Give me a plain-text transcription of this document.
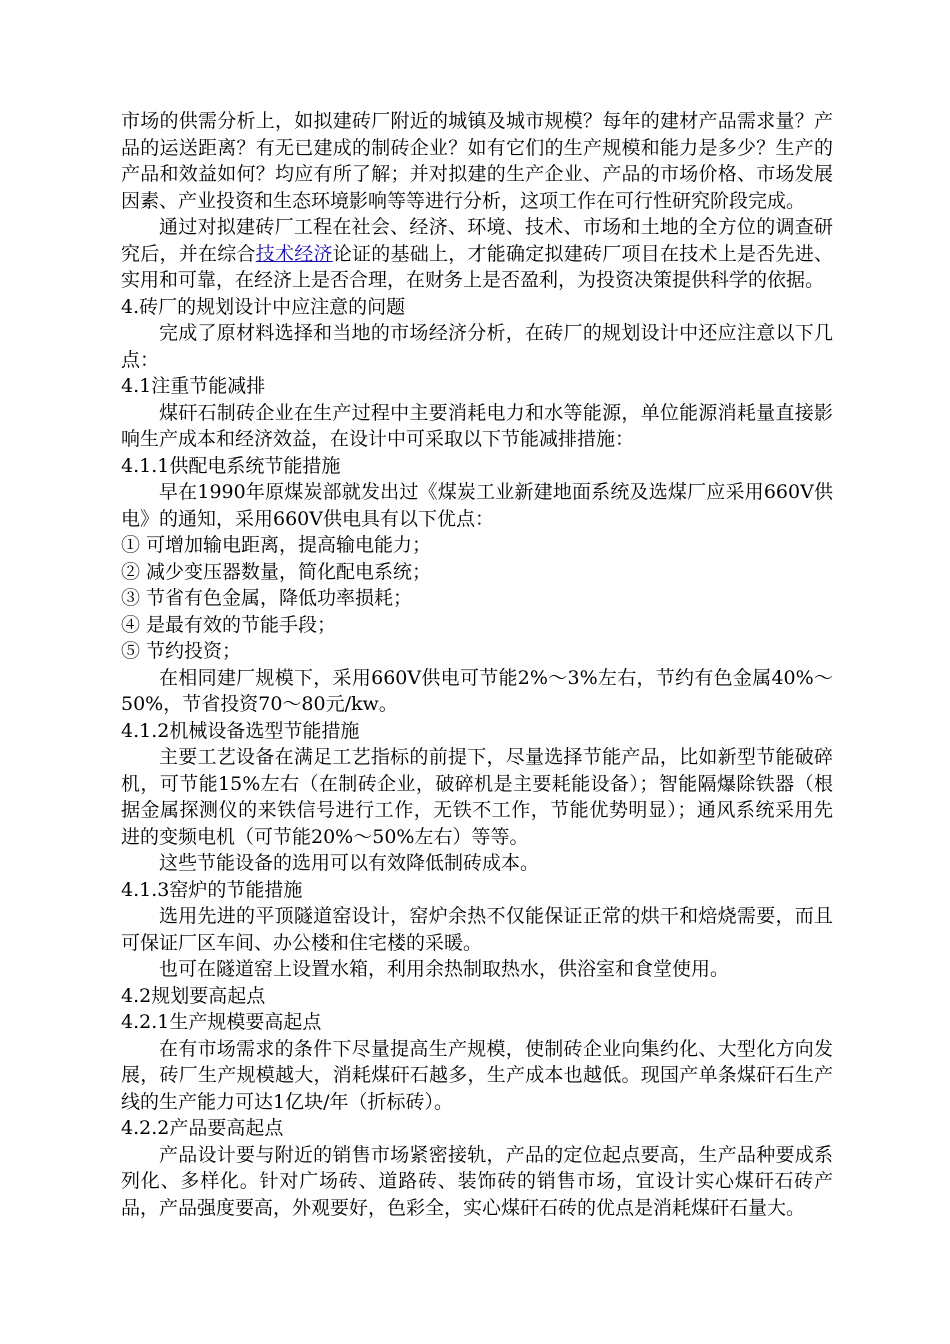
市场的供需分析上，如拟建砖厂附近的城镇及城市规模？每年的建材产品需求量？产品的运送距离？有无已建成的制砖企业？如有它们的生产规模和能力是多少？生产的产品和效益如何？均应有所了解；并对拟建的生产企业、产品的市场价格、市场发展因素、产业投资和生态环境影响等等进行分析，这项工作在可行性研究阶段完成。

通过对拟建砖厂工程在社会、经济、环境、技术、市场和土地的全方位的调查研究后，并在综合技术经济论证的基础上，才能确定拟建砖厂项目在技术上是否先进、实用和可靠，在经济上是否合理，在财务上是否盈利，为投资决策提供科学的依据。

4.砖厂的规划设计中应注意的问题

完成了原材料选择和当地的市场经济分析，在砖厂的规划设计中还应注意以下几点：

4.1注重节能减排

煤矸石制砖企业在生产过程中主要消耗电力和水等能源，单位能源消耗量直接影响生产成本和经济效益，在设计中可采取以下节能减排措施：

4.1.1供配电系统节能措施

早在1990年原煤炭部就发出过《煤炭工业新建地面系统及选煤厂应采用660V供电》的通知，采用660V供电具有以下优点：

① 可增加输电距离，提高输电能力；

② 减少变压器数量，简化配电系统；

③ 节省有色金属，降低功率损耗；

④ 是最有效的节能手段；

⑤ 节约投资；

在相同建厂规模下，采用660V供电可节能2%～3%左右，节约有色金属40%～50%，节省投资70～80元/kw。

4.1.2机械设备选型节能措施

主要工艺设备在满足工艺指标的前提下，尽量选择节能产品，比如新型节能破碎机，可节能15%左右（在制砖企业，破碎机是主要耗能设备）；智能隔爆除铁器（根据金属探测仪的来铁信号进行工作，无铁不工作，节能优势明显）；通风系统采用先进的变频电机（可节能20%～50%左右）等等。

这些节能设备的选用可以有效降低制砖成本。

4.1.3窑炉的节能措施

选用先进的平顶隧道窑设计，窑炉余热不仅能保证正常的烘干和焙烧需要，而且可保证厂区车间、办公楼和住宅楼的采暖。

也可在隧道窑上设置水箱，利用余热制取热水，供浴室和食堂使用。

4.2规划要高起点

4.2.1生产规模要高起点

在有市场需求的条件下尽量提高生产规模，使制砖企业向集约化、大型化方向发展，砖厂生产规模越大，消耗煤矸石越多，生产成本也越低。现国产单条煤矸石生产线的生产能力可达1亿块/年（折标砖）。

4.2.2产品要高起点

产品设计要与附近的销售市场紧密接轨，产品的定位起点要高，生产品种要成系列化、多样化。针对广场砖、道路砖、装饰砖的销售市场，宜设计实心煤矸石砖产品，产品强度要高，外观要好，色彩全，实心煤矸石砖的优点是消耗煤矸石量大。
